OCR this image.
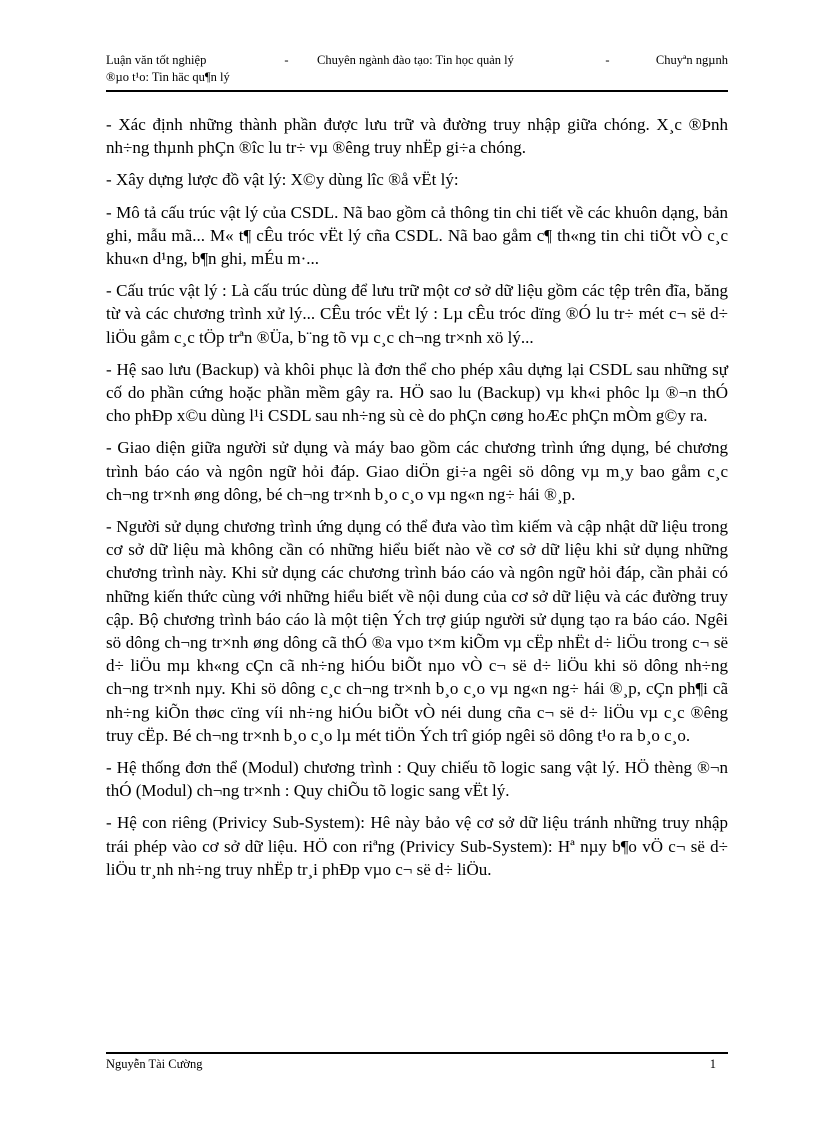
Luận văn tốt nghiệp	-	Chuyên ngành đào tạo: Tin học quản lý	-	Chuyªn ngµnh
®µo t¹o: Tin häc qu¶n lý

- Xác định những thành phần được lưu trữ và đường truy nhập giữa chóng. X¸c ®Þnh nh÷ng thµnh phÇn ®îc lu tr÷ vµ ®êng truy nhËp gi÷a chóng.

- Xây dựng lược đồ vật lý: X©y dùng lîc ®å vËt lý:

- Mô tả cấu trúc vật lý của CSDL. Nã bao gồm cả thông tin chi tiết về các khuôn dạng, bản ghi, mẫu mã... M« t¶ cÊu tróc vËt lý cña CSDL. Nã bao gåm c¶ th«ng tin chi tiÕt vÒ c¸c khu«n d¹ng, b¶n ghi, mÉu m·...

- Cấu trúc vật lý : Là cấu trúc dùng để lưu trữ một cơ sở dữ liệu gồm các tệp trên đĩa, băng từ và các chương trình xử lý... CÊu tróc vËt lý : Lµ cÊu tróc dïng ®Ó lu tr÷ mét c¬ së d÷ liÖu gåm c¸c tÖp trªn ®Üa, b¨ng tõ vµ c¸c ch¬ng tr×nh xö lý...

- Hệ sao lưu (Backup) và khôi phục là đơn thể cho phép xâu dựng lại CSDL sau những sự cố do phần cứng hoặc phần mềm gây ra. HÖ sao lu (Backup) vµ kh«i phôc lµ ®¬n thÓ cho phÐp x©u dùng l¹i CSDL sau nh÷ng sù cè do phÇn cøng hoÆc phÇn mÒm g©y ra.

- Giao diện giữa người sử dụng và máy bao gồm các chương trình ứng dụng, bé chương trình báo cáo và ngôn ngữ hỏi đáp. Giao diÖn gi÷a ngêi sö dông vµ m¸y bao gåm c¸c ch¬ng tr×nh øng dông, bé ch¬ng tr×nh b¸o c¸o vµ ng«n ng÷ hái ®¸p.

- Người sử dụng chương trình ứng dụng có thể đưa vào tìm kiếm và cập nhật dữ liệu trong cơ sở dữ liệu mà không cần có những hiểu biết nào về cơ sở dữ liệu khi sử dụng những chương trình này. Khi sử dụng các chương trình báo cáo và ngôn ngữ hỏi đáp, cần phải có những kiến thức cùng với những hiểu biết về nội dung của cơ sở dữ liệu và các đường truy cập. Bộ chương trình báo cáo là một tiện Ých trợ giúp người sử dụng tạo ra báo cáo. Ngêi sö dông ch¬ng tr×nh øng dông cã thÓ ®a vµo t×m kiÕm vµ cËp nhËt d÷ liÖu trong c¬ së d÷ liÖu mµ kh«ng cÇn cã nh÷ng hiÓu biÕt nµo vÒ c¬ së d÷ liÖu khi sö dông nh÷ng ch¬ng tr×nh nµy. Khi sö dông c¸c ch¬ng tr×nh b¸o c¸o vµ ng«n ng÷ hái ®¸p, cÇn ph¶i cã nh÷ng kiÕn thøc cïng víi nh÷ng hiÓu biÕt vÒ néi dung cña c¬ së d÷ liÖu vµ c¸c ®êng truy cËp. Bé ch¬ng tr×nh b¸o c¸o lµ mét tiÖn Ých trî gióp ngêi sö dông t¹o ra b¸o c¸o.

- Hệ thống đơn thể (Modul) chương trình : Quy chiếu tõ logic sang vật lý. HÖ thèng ®¬n thÓ (Modul) ch¬ng tr×nh : Quy chiÕu tõ logic sang vËt lý.

- Hệ con riêng (Privicy Sub-System): Hê này bảo vệ cơ sở dữ liệu tránh những truy nhập trái phép vào cơ sở dữ liệu. HÖ con riªng (Privicy Sub-System): Hª nµy b¶o vÖ c¬ së d÷ liÖu tr¸nh nh÷ng truy nhËp tr¸i phÐp vµo c¬ së d÷ liÖu.

Nguyễn Tài Cường	1
